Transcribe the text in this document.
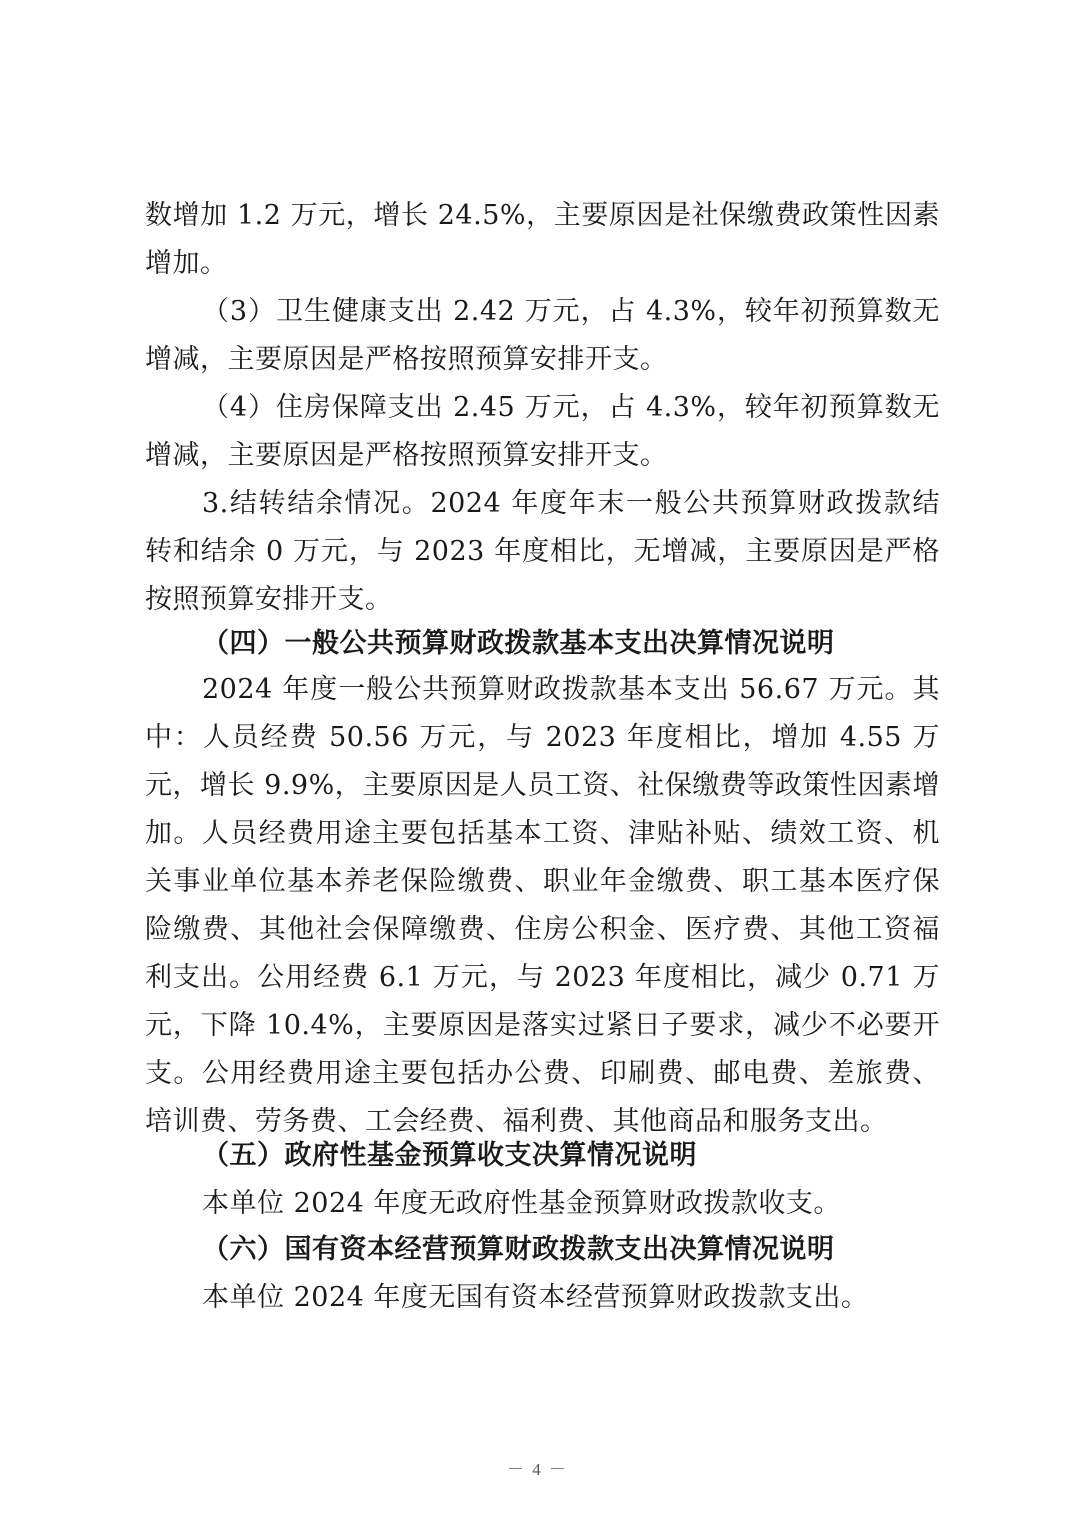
数增加 1.2 万元，增长 24.5%，主要原因是社保缴费政策性因素增加。

（3）卫生健康支出 2.42 万元，占 4.3%，较年初预算数无增减，主要原因是严格按照预算安排开支。

（4）住房保障支出 2.45 万元，占 4.3%，较年初预算数无增减，主要原因是严格按照预算安排开支。

3.结转结余情况。2024 年度年末一般公共预算财政拨款结转和结余 0 万元，与 2023 年度相比，无增减，主要原因是严格按照预算安排开支。

（四）一般公共预算财政拨款基本支出决算情况说明

2024 年度一般公共预算财政拨款基本支出 56.67 万元。其中：人员经费 50.56 万元，与 2023 年度相比，增加 4.55 万元，增长 9.9%，主要原因是人员工资、社保缴费等政策性因素增加。人员经费用途主要包括基本工资、津贴补贴、绩效工资、机关事业单位基本养老保险缴费、职业年金缴费、职工基本医疗保险缴费、其他社会保障缴费、住房公积金、医疗费、其他工资福利支出。公用经费 6.1 万元，与 2023 年度相比，减少 0.71 万元，下降 10.4%，主要原因是落实过紧日子要求，减少不必要开支。公用经费用途主要包括办公费、印刷费、邮电费、差旅费、培训费、劳务费、工会经费、福利费、其他商品和服务支出。

（五）政府性基金预算收支决算情况说明

本单位 2024 年度无政府性基金预算财政拨款收支。

（六）国有资本经营预算财政拨款支出决算情况说明

本单位 2024 年度无国有资本经营预算财政拨款支出。

－ 4 －
